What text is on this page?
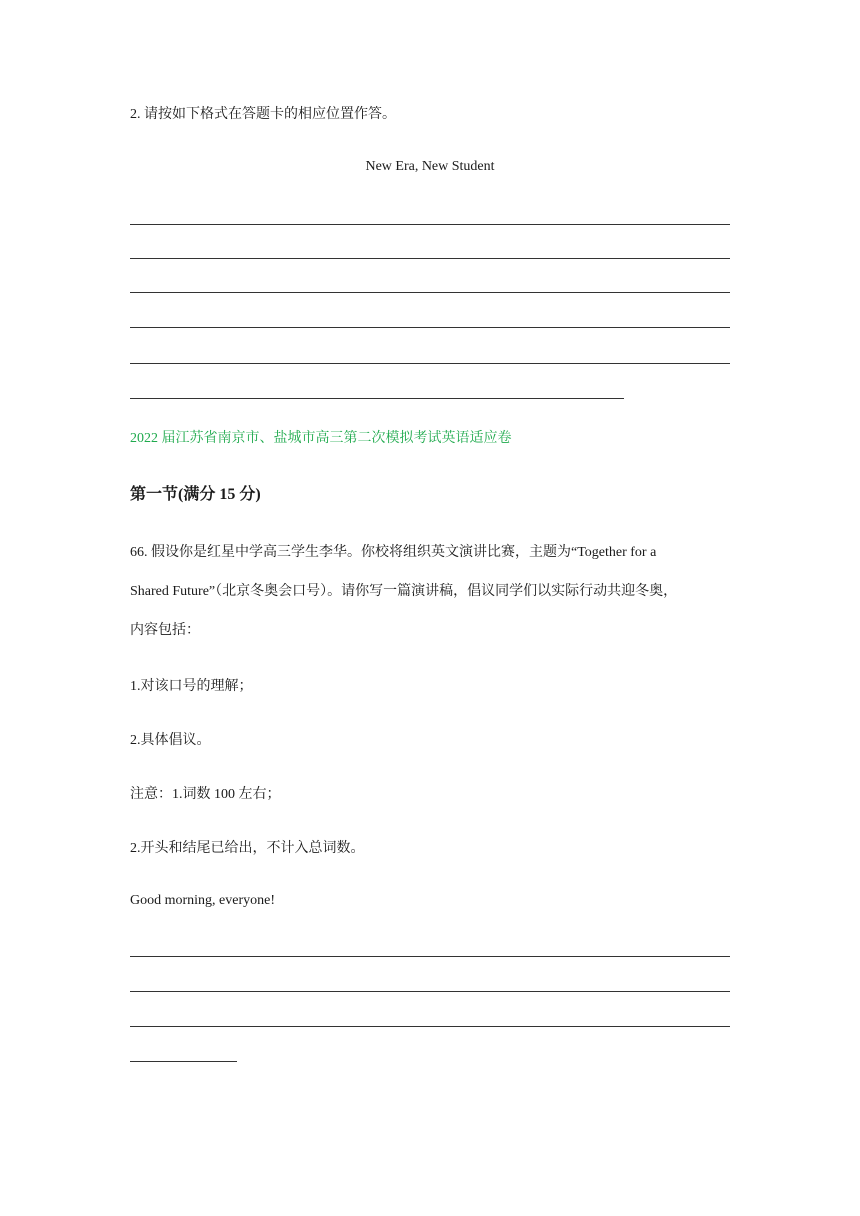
2. 请按如下格式在答题卡的相应位置作答。
New Era, New Student
2022 届江苏省南京市、盐城市高三第二次模拟考试英语适应卷
第一节(满分 15 分)
66. 假设你是红星中学高三学生李华。你校将组织英文演讲比赛，主题为“Together for a
Shared Future”（北京冬奥会口号）。请你写一篇演讲稿，倡议同学们以实际行动共迎冬奥，
内容包括：
1.对该口号的理解；
2.具体倡议。
注意：1.词数 100 左右；
2.开头和结尾已给出，不计入总词数。
Good morning, everyone!
